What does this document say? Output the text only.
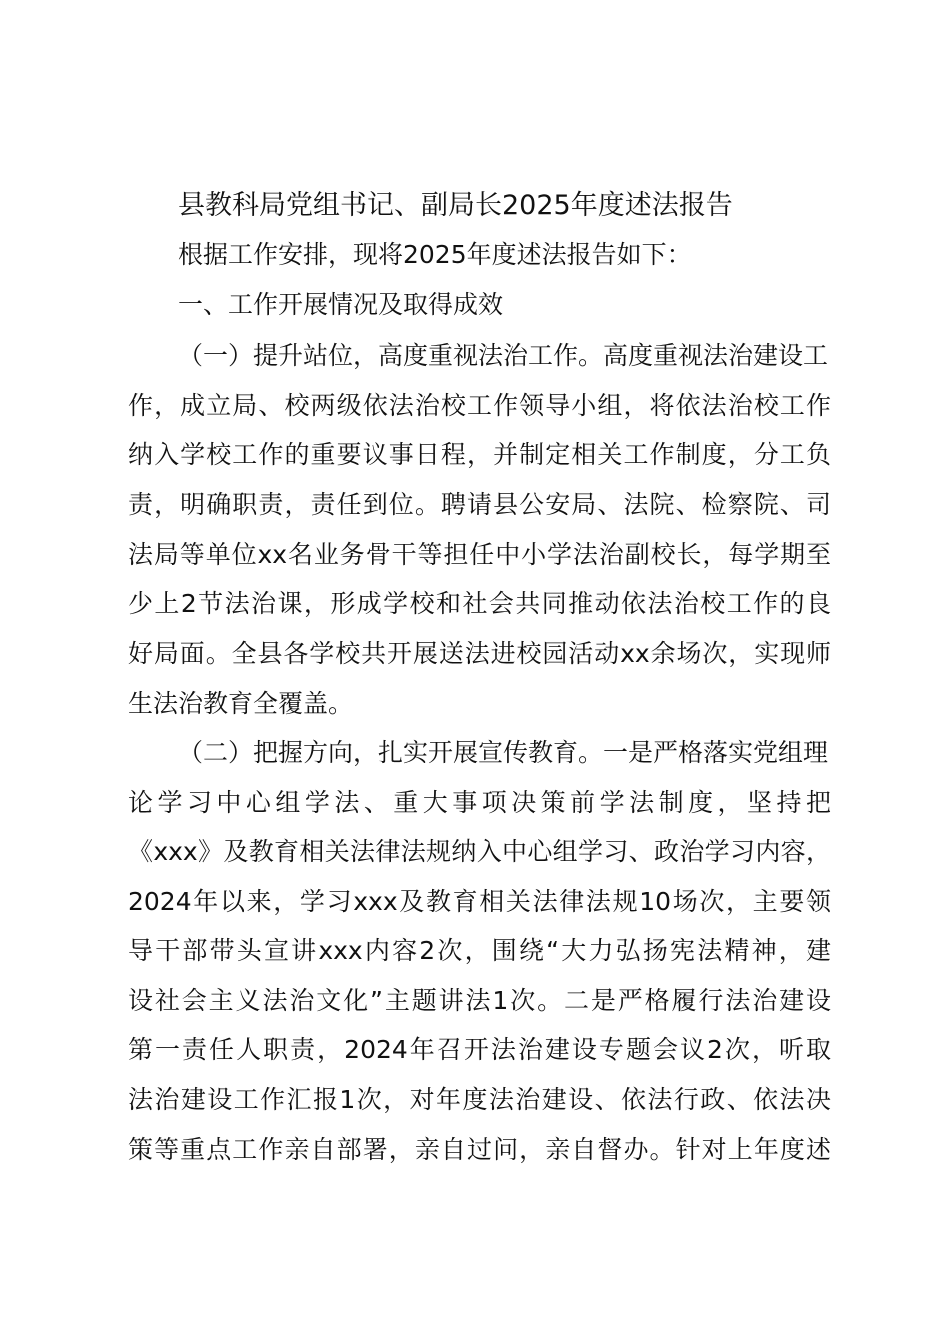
县教科局党组书记、副局长2025年度述法报告

根据工作安排，现将2025年度述法报告如下：

一、工作开展情况及取得成效

（一）提升站位，高度重视法治工作。高度重视法治建设工

作，成立局、校两级依法治校工作领导小组，将依法治校工作

纳入学校工作的重要议事日程，并制定相关工作制度，分工负

责，明确职责，责任到位。聘请县公安局、法院、检察院、司

法局等单位xx名业务骨干等担任中小学法治副校长，每学期至

少上2节法治课，形成学校和社会共同推动依法治校工作的良

好局面。全县各学校共开展送法进校园活动xx余场次，实现师

生法治教育全覆盖。

（二）把握方向，扎实开展宣传教育。一是严格落实党组理

论学习中心组学法、重大事项决策前学法制度，坚持把

《xxx》及教育相关法律法规纳入中心组学习、政治学习内容，

2024年以来，学习xxx及教育相关法律法规10场次，主要领

导干部带头宣讲xxx内容2次，围绕“大力弘扬宪法精神，建

设社会主义法治文化”主题讲法1次。二是严格履行法治建设

第一责任人职责，2024年召开法治建设专题会议2次，听取

法治建设工作汇报1次，对年度法治建设、依法行政、依法决

策等重点工作亲自部署，亲自过问，亲自督办。针对上年度述
